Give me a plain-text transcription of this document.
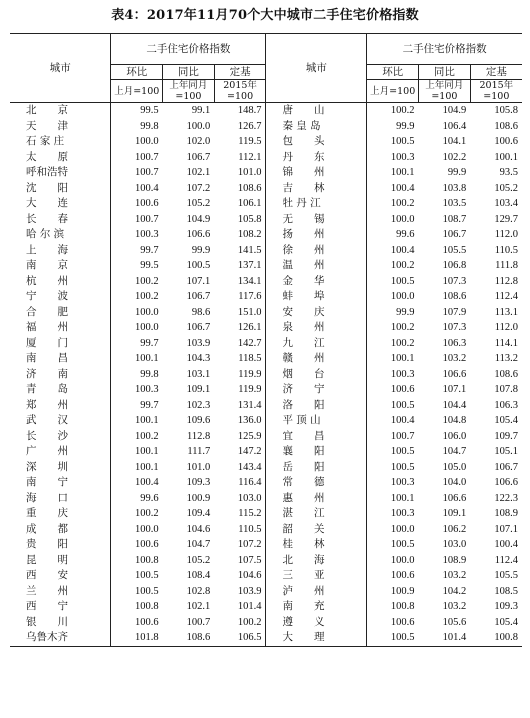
表4：2017年11月70个大中城市二手住宅价格指数
城市	二手住宅价格指数			城市	二手住宅价格指数		
	环比	同比	定基		环比	同比	定基
	上月=100	上年同月=100	2015年=100		上月=100	上年同月=100	2015年=100
北　　京	99.5	99.1	148.7	唐　　山	100.2	104.9	105.8
天　　津	99.8	100.0	126.7	秦 皇 岛	99.9	106.4	108.6
石 家 庄	100.0	102.0	119.5	包　　头	100.5	104.1	100.6
太　　原	100.7	106.7	112.1	丹　　东	100.3	102.2	100.1
呼和浩特	100.7	102.1	101.0	锦　　州	100.1	99.9	93.5
沈　　阳	100.4	107.2	108.6	吉　　林	100.4	103.8	105.2
大　　连	100.6	105.2	106.1	牡 丹 江	100.2	103.5	103.4
长　　春	100.7	104.9	105.8	无　　锡	100.0	108.7	129.7
哈 尔 滨	100.3	106.6	108.2	扬　　州	99.6	106.7	112.0
上　　海	99.7	99.9	141.5	徐　　州	100.4	105.5	110.5
南　　京	99.5	100.5	137.1	温　　州	100.2	106.8	111.8
杭　　州	100.2	107.1	134.1	金　　华	100.5	107.3	112.8
宁　　波	100.2	106.7	117.6	蚌　　埠	100.0	108.6	112.4
合　　肥	100.0	98.6	151.0	安　　庆	99.9	107.9	113.1
福　　州	100.0	106.7	126.1	泉　　州	100.2	107.3	112.0
厦　　门	99.7	103.9	142.7	九　　江	100.2	106.3	114.1
南　　昌	100.1	104.3	118.5	赣　　州	100.1	103.2	113.2
济　　南	99.8	103.1	119.9	烟　　台	100.3	106.6	108.6
青　　岛	100.3	109.1	119.9	济　　宁	100.6	107.1	107.8
郑　　州	99.7	102.3	131.4	洛　　阳	100.5	104.4	106.3
武　　汉	100.1	109.6	136.0	平 顶 山	100.4	104.8	105.4
长　　沙	100.2	112.8	125.9	宜　　昌	100.7	106.0	109.7
广　　州	100.1	111.7	147.2	襄　　阳	100.5	104.7	105.1
深　　圳	100.1	101.0	143.4	岳　　阳	100.5	105.0	106.7
南　　宁	100.4	109.3	116.4	常　　德	100.3	104.0	106.6
海　　口	99.6	100.9	103.0	惠　　州	100.1	106.6	122.3
重　　庆	100.2	109.4	115.2	湛　　江	100.3	109.1	108.9
成　　都	100.0	104.6	110.5	韶　　关	100.0	106.2	107.1
贵　　阳	100.6	104.7	107.2	桂　　林	100.5	103.0	100.4
昆　　明	100.8	105.2	107.5	北　　海	100.0	108.9	112.4
西　　安	100.5	108.4	104.6	三　　亚	100.6	103.2	105.5
兰　　州	100.5	102.8	103.9	泸　　州	100.9	104.2	108.5
西　　宁	100.8	102.1	101.4	南　　充	100.8	103.2	109.3
银　　川	100.6	100.7	100.2	遵　　义	100.6	105.6	105.4
乌鲁木齐	101.8	108.6	106.5	大　　理	100.5	101.4	100.8
